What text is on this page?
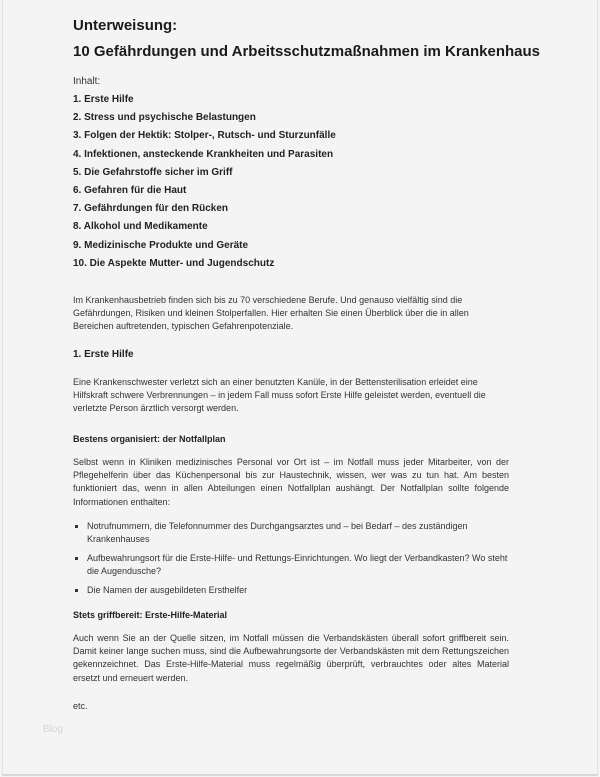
Unterweisung:
10 Gefährdungen und Arbeitsschutzmaßnahmen im Krankenhaus
Inhalt:
1. Erste Hilfe
2. Stress und psychische Belastungen
3. Folgen der Hektik: Stolper-, Rutsch- und Sturzunfälle
4. Infektionen, ansteckende Krankheiten und Parasiten
5. Die Gefahrstoffe sicher im Griff
6. Gefahren für die Haut
7. Gefährdungen für den Rücken
8. Alkohol und Medikamente
9. Medizinische Produkte und Geräte
10. Die Aspekte Mutter- und Jugendschutz
Im Krankenhausbetrieb finden sich bis zu 70 verschiedene Berufe. Und genauso vielfältig sind die Gefährdungen, Risiken und kleinen Stolperfallen. Hier erhalten Sie einen Überblick über die in allen Bereichen auftretenden, typischen Gefahrenpotenziale.
1. Erste Hilfe
Eine Krankenschwester verletzt sich an einer benutzten Kanüle, in der Bettensterilisation erleidet eine Hilfskraft schwere Verbrennungen – in jedem Fall muss sofort Erste Hilfe geleistet werden, eventuell die verletzte Person ärztlich versorgt werden.
Bestens organisiert: der Notfallplan
Selbst wenn in Kliniken medizinisches Personal vor Ort ist – im Notfall muss jeder Mitarbeiter, von der Pflegehelferin über das Küchenpersonal bis zur Haustechnik, wissen, wer was zu tun hat. Am besten funktioniert das, wenn in allen Abteilungen einen Notfallplan aushängt. Der Notfallplan sollte folgende Informationen enthalten:
Notrufnummern, die Telefonnummer des Durchgangsarztes und – bei Bedarf – des zuständigen Krankenhauses
Aufbewahrungsort für die Erste-Hilfe- und Rettungs-Einrichtungen. Wo liegt der Verbandkasten? Wo steht die Augendusche?
Die Namen der ausgebildeten Ersthelfer
Stets griffbereit: Erste-Hilfe-Material
Auch wenn Sie an der Quelle sitzen, im Notfall müssen die Verbandskästen überall sofort griffbereit sein. Damit keiner lange suchen muss, sind die Aufbewahrungsorte der Verbandskästen mit dem Rettungszeichen gekennzeichnet. Das Erste-Hilfe-Material muss regelmäßig überprüft, verbrauchtes oder altes Material ersetzt und erneuert werden.
etc.
Blog
